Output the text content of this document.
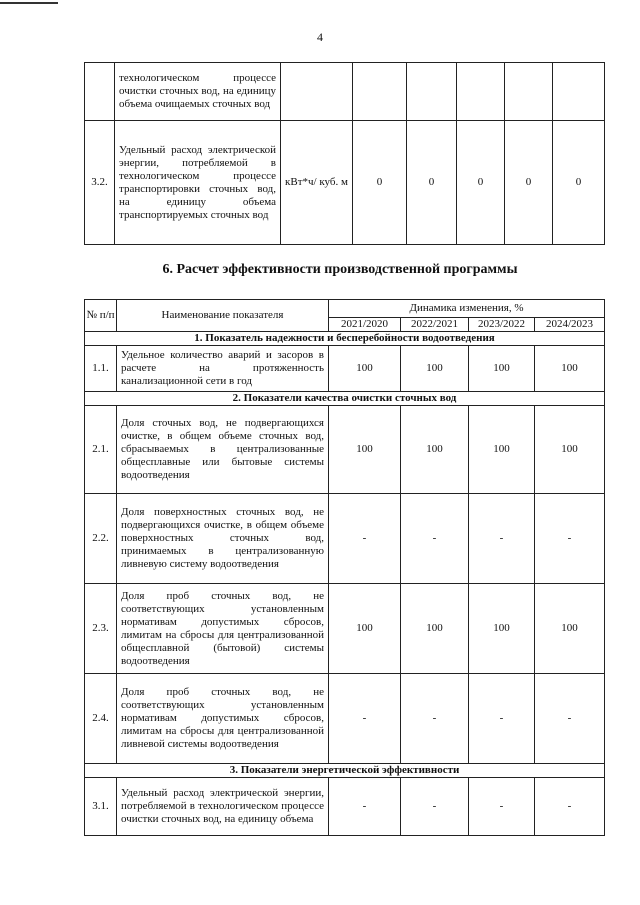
4
	технологическом процессе очистки сточных вод, на единицу объема очищаемых сточных вод						
3.2.	Удельный расход электрической энергии, потребляемой в технологическом процессе транспортировки сточных вод, на единицу объема транспортируемых сточных вод	кВт*ч/ куб. м	0	0	0	0	0
6. Расчет эффективности производственной программы
№ п/п	Наименование показателя	Динамика изменения, %			
		2021/2020	2022/2021	2023/2022	2024/2023
1. Показатель надежности и бесперебойности водоотведения					
1.1.	Удельное количество аварий и засоров в расчете на протяженность канализационной сети в год	100	100	100	100
2. Показатели качества очистки сточных вод					
2.1.	Доля сточных вод, не подвергающихся очистке, в общем объеме сточных вод, сбрасываемых в централизованные общесплавные или бытовые системы водоотведения	100	100	100	100
2.2.	Доля поверхностных сточных вод, не подвергающихся очистке, в общем объеме поверхностных сточных вод, принимаемых в централизованную ливневую систему водоотведения	-	-	-	-
2.3.	Доля проб сточных вод, не соответствующих установленным нормативам допустимых сбросов, лимитам на сбросы для централизованной общесплавной (бытовой) системы водоотведения	100	100	100	100
2.4.	Доля проб сточных вод, не соответствующих установленным нормативам допустимых сбросов, лимитам на сбросы для централизованной ливневой системы водоотведения	-	-	-	-
3. Показатели энергетической эффективности					
3.1.	Удельный расход электрической энергии, потребляемой в технологическом процессе очистки сточных вод, на единицу объема	-	-	-	-
